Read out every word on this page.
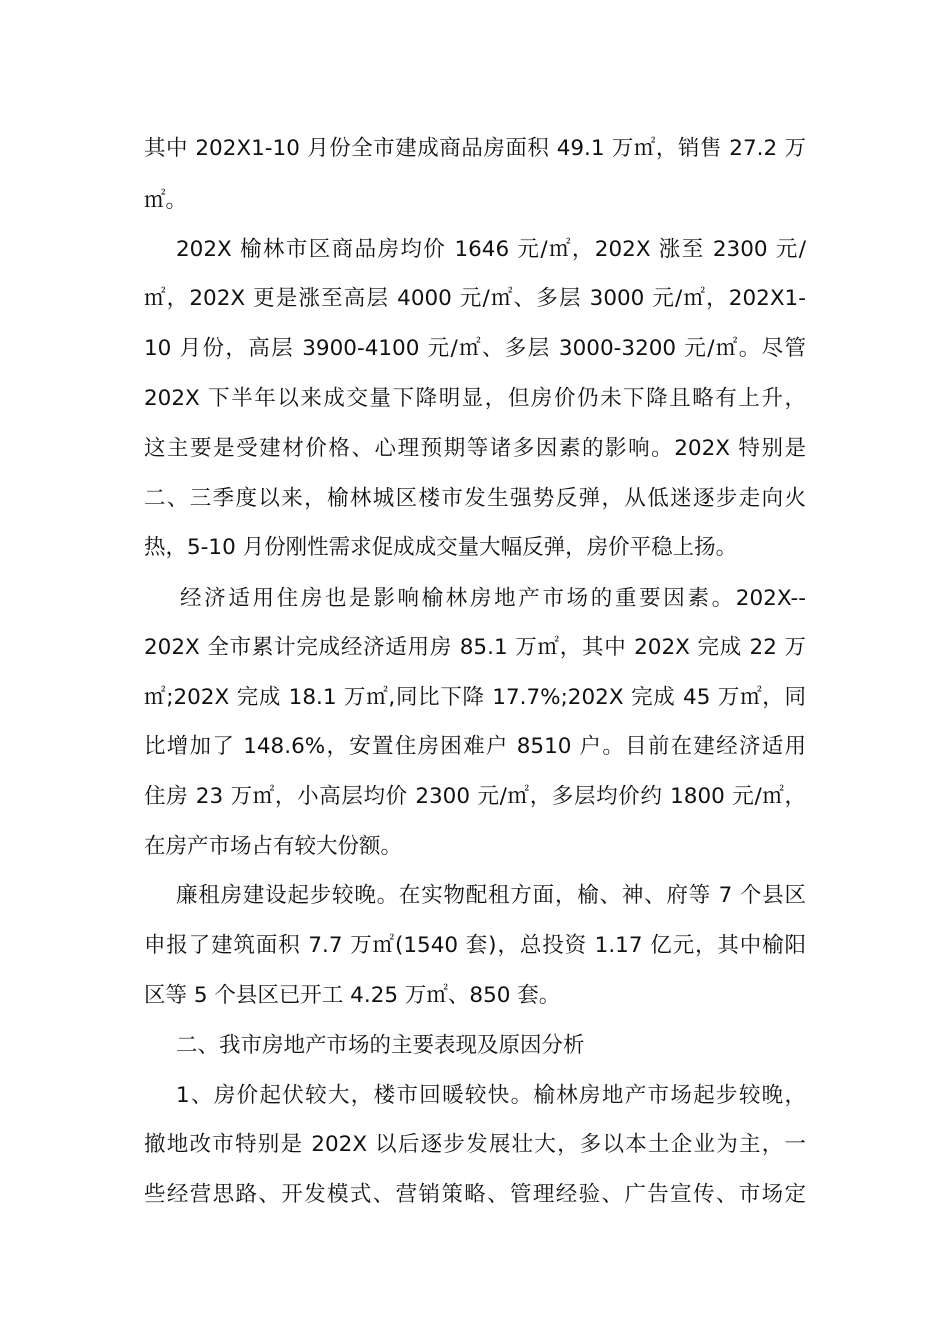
其中 202X1-10 月份全市建成商品房面积 49.1 万㎡，销售 27.2 万
㎡。
202X 榆林市区商品房均价 1646 元/㎡，202X 涨至 2300 元/
㎡，202X 更是涨至高层 4000 元/㎡、多层 3000 元/㎡，202X1-
10 月份，高层 3900-4100 元/㎡、多层 3000-3200 元/㎡。尽管
202X 下半年以来成交量下降明显，但房价仍未下降且略有上升，
这主要是受建材价格、心理预期等诸多因素的影响。202X 特别是
二、三季度以来，榆林城区楼市发生强势反弹，从低迷逐步走向火
热，5-10 月份刚性需求促成成交量大幅反弹，房价平稳上扬。
经济适用住房也是影响榆林房地产市场的重要因素。202X--
202X 全市累计完成经济适用房 85.1 万㎡，其中 202X 完成 22 万
㎡;202X 完成 18.1 万㎡,同比下降 17.7%;202X 完成 45 万㎡，同
比增加了 148.6%，安置住房困难户 8510 户。目前在建经济适用
住房 23 万㎡，小高层均价 2300 元/㎡，多层均价约 1800 元/㎡，
在房产市场占有较大份额。
廉租房建设起步较晚。在实物配租方面，榆、神、府等 7 个县区
申报了建筑面积 7.7 万㎡(1540 套)，总投资 1.17 亿元，其中榆阳
区等 5 个县区已开工 4.25 万㎡、850 套。
二、我市房地产市场的主要表现及原因分析
1、房价起伏较大，楼市回暖较快。榆林房地产市场起步较晚，
撤地改市特别是 202X 以后逐步发展壮大，多以本土企业为主，一
些经营思路、开发模式、营销策略、管理经验、广告宣传、市场定
